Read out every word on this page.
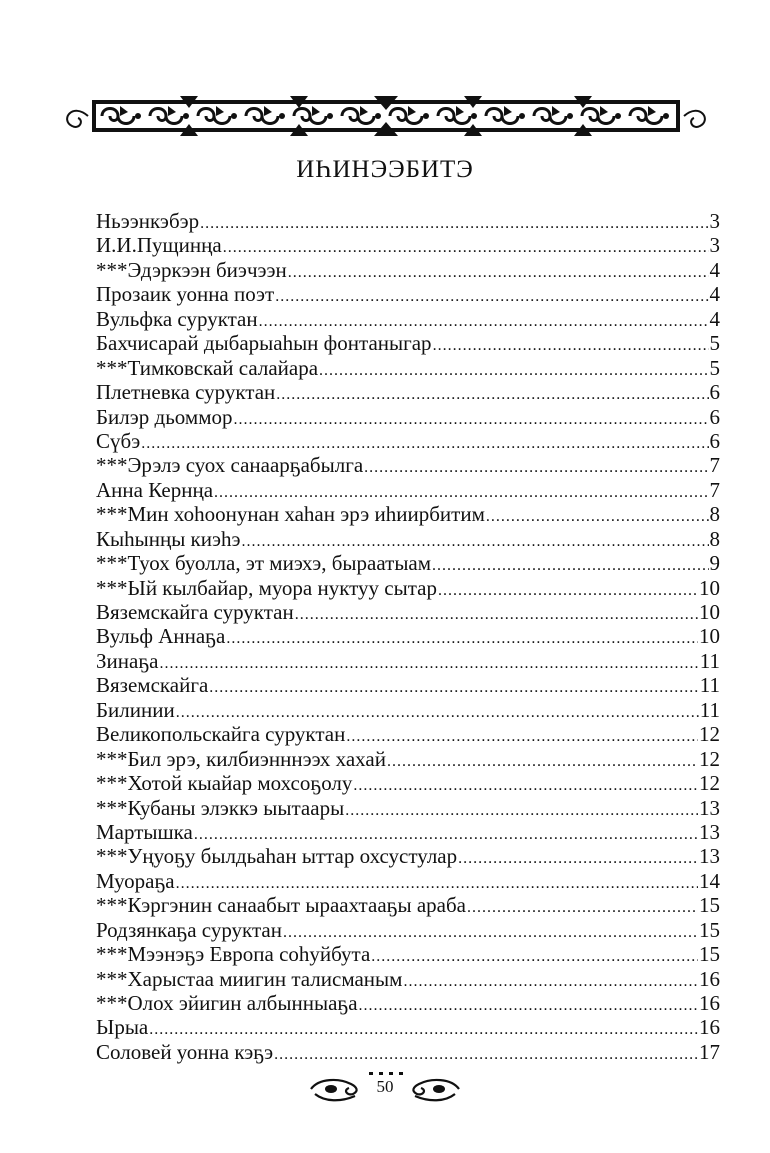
ИҺИНЭЭБИТЭ
Ньээнкэбэр .....	3
И.И.Пущинңа .....	3
***Эдэркээн биэчээн .....	4
Прозаик уонна поэт .....	4
Вульфка суруктан .....	4
Бахчисарай дыбарыаһын фонтаныгар .....	5
***Тимковскай салайара .....	5
Плетневка суруктан .....	6
Билэр дьоммор .....	6
Сүбэ .....	6
***Эрэлэ суох санаарҕабылга .....	7
Анна Кернңа .....	7
***Мин хоһоонунан хаһан эрэ иһиирбитим .....	8
Кыһынңы киэһэ .....	8
***Туох буолла, эт миэхэ, быраатыам .....	9
***Ый кылбайар, муора нуктуу сытар .....	10
Вяземскайга суруктан .....	10
Вульф Аннаҕа .....	10
Зинаҕа .....	11
Вяземскайга .....	11
Билинии .....	11
Великопольскайга суруктан .....	12
***Бил эрэ, килбиэнннээх хахай .....	12
***Хотой кыайар мохсоҕолу .....	12
***Кубаны элэккэ ыытаары .....	13
Мартышка .....	13
***Уңуоҕу былдьаһан ыттар охсустулар .....	13
Муораҕа .....	14
***Кэргэнин санаабыт ыраахтааҕы араба .....	15
Родзянкаҕа суруктан .....	15
***Мээнэҕэ Европа соһуйбута .....	15
***Харыстаа миигин талисманым .....	16
***Олох эйигин албынныаҕа .....	16
Ырыа .....	16
Соловей уонна кэҕэ .....	17
50
